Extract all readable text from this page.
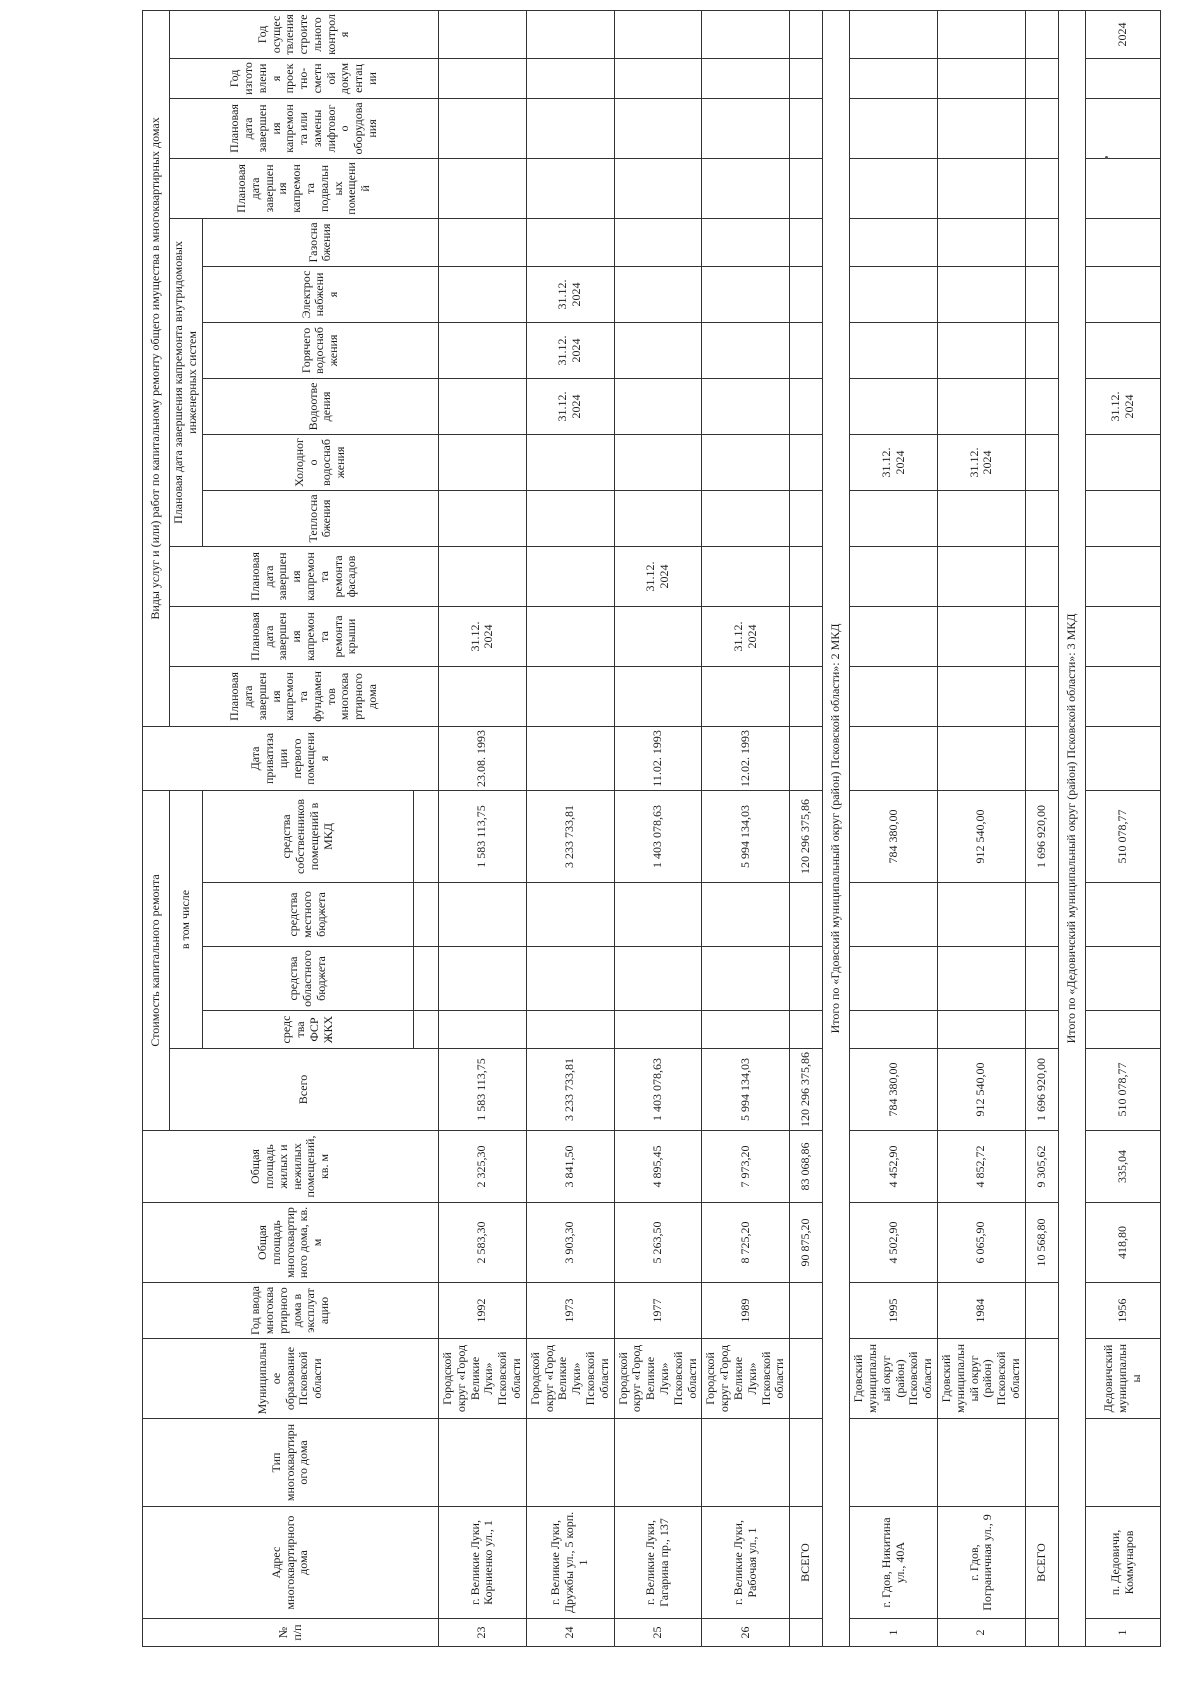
№ п/п	Адрес многоквартирного дома	Тип многоквартирного дома	Муниципальное образование Псковской области	Год ввода многоквартирного дома в эксплуатацию	Общая площадь многоквартирного дома, кв. м	Общая площадь жилых и нежилых помещений, кв. м	Стоимость капитального ремонта					Дата приватизации первого помещения	Виды услуг и (или) работ по капитальному ремонту общего имущества в многоквартирных домах												
							Всего	в том числе					Плановая дата завершения капремонта фундаментов многоквартирного дома	Плановая дата завершения капремонта ремонта крыши	Плановая дата завершения капремонта ремонта фасадов	Плановая дата завершения капремонта внутридомовых инженерных систем						Плановая дата завершения капремонта подвальных помещений	Плановая дата завершения капремонта или замены лифтового оборудования	Год изготовления проектно-сметной документации	Год осуществления строительного контроля
								средства ФСР ЖКХ	средства областного бюджета	средства местного бюджета	средства собственников помещений в МКД					Теплоснабжения	Холодного водоснабжения	Водоотведения	Горячего водоснабжения	Электроснабжения	Газоснабжения				

23	г. Великие Луки, Корниенко ул., 1		Городской округ «Город Великие Луки» Псковской области	1992	2 583,30	2 325,30	1 583 113,75				1 583 113,75	23.08. 1993		31.12. 2024											
24	г. Великие Луки, Дружбы ул., 5 корп. 1		Городской округ «Город Великие Луки» Псковской области	1973	3 903,30	3 841,50	3 233 733,81				3 233 733,81							31.12. 2024	31.12. 2024	31.12. 2024					
25	г. Великие Луки, Гагарина пр., 137		Городской округ «Город Великие Луки» Псковской области	1977	5 263,50	4 895,45	1 403 078,63				1 403 078,63	11.02. 1993			31.12. 2024										
26	г. Великие Луки, Рабочая ул., 1		Городской округ «Город Великие Луки» Псковской области	1989	8 725,20	7 973,20	5 994 134,03				5 994 134,03	12.02. 1993		31.12. 2024											
	ВСЕГО				90 875,20	83 068,86	120 296 375,86				120 296 375,86														
Итого по «Гдовский муниципальный округ (район) Псковской области»: 2 МКД																									
1	г. Гдов, Никитина ул., 40А		Гдовский муниципальный округ (район) Псковской области	1995	4 502,90	4 452,90	784 380,00				784 380,00						31.12. 2024								
2	г. Гдов, Пограничная ул., 9		Гдовский муниципальный округ (район) Псковской области	1984	6 065,90	4 852,72	912 540,00				912 540,00						31.12. 2024								
	ВСЕГО				10 568,80	9 305,62	1 696 920,00				1 696 920,00														
Итого по «Дедовичский муниципальный округ (район) Псковской области»: 3 МКД																									
1	п. Дедовичи, Коммунаров		Дедовичский муниципальны	1956	418,80	335,04	510 078,77				510 078,77							31.12. 2024							2024
